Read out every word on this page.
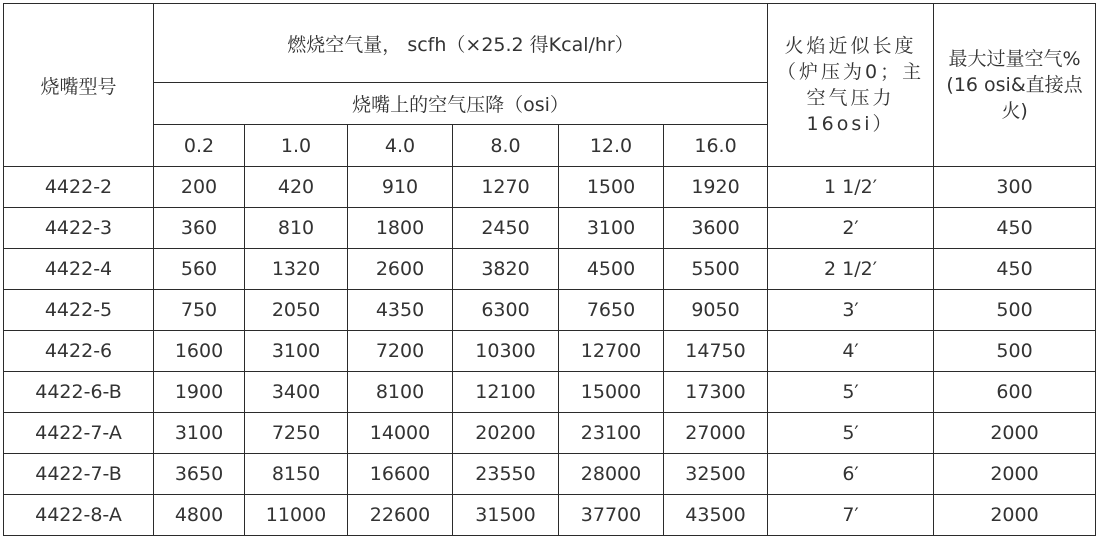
烧嘴型号	燃烧空气量， scfh（×25.2 得Kcal/hr）						火焰近似长度（炉压为0；主空气压力16osi）	最大过量空气%(16 osi&直接点火)
	烧嘴上的空气压降（osi）							
	0.2	1.0	4.0	8.0	12.0	16.0		
4422-2	200	420	910	1270	1500	1920	1 1/2′	300
4422-3	360	810	1800	2450	3100	3600	2′	450
4422-4	560	1320	2600	3820	4500	5500	2 1/2′	450
4422-5	750	2050	4350	6300	7650	9050	3′	500
4422-6	1600	3100	7200	10300	12700	14750	4′	500
4422-6-B	1900	3400	8100	12100	15000	17300	5′	600
4422-7-A	3100	7250	14000	20200	23100	27000	5′	2000
4422-7-B	3650	8150	16600	23550	28000	32500	6′	2000
4422-8-A	4800	11000	22600	31500	37700	43500	7′	2000
